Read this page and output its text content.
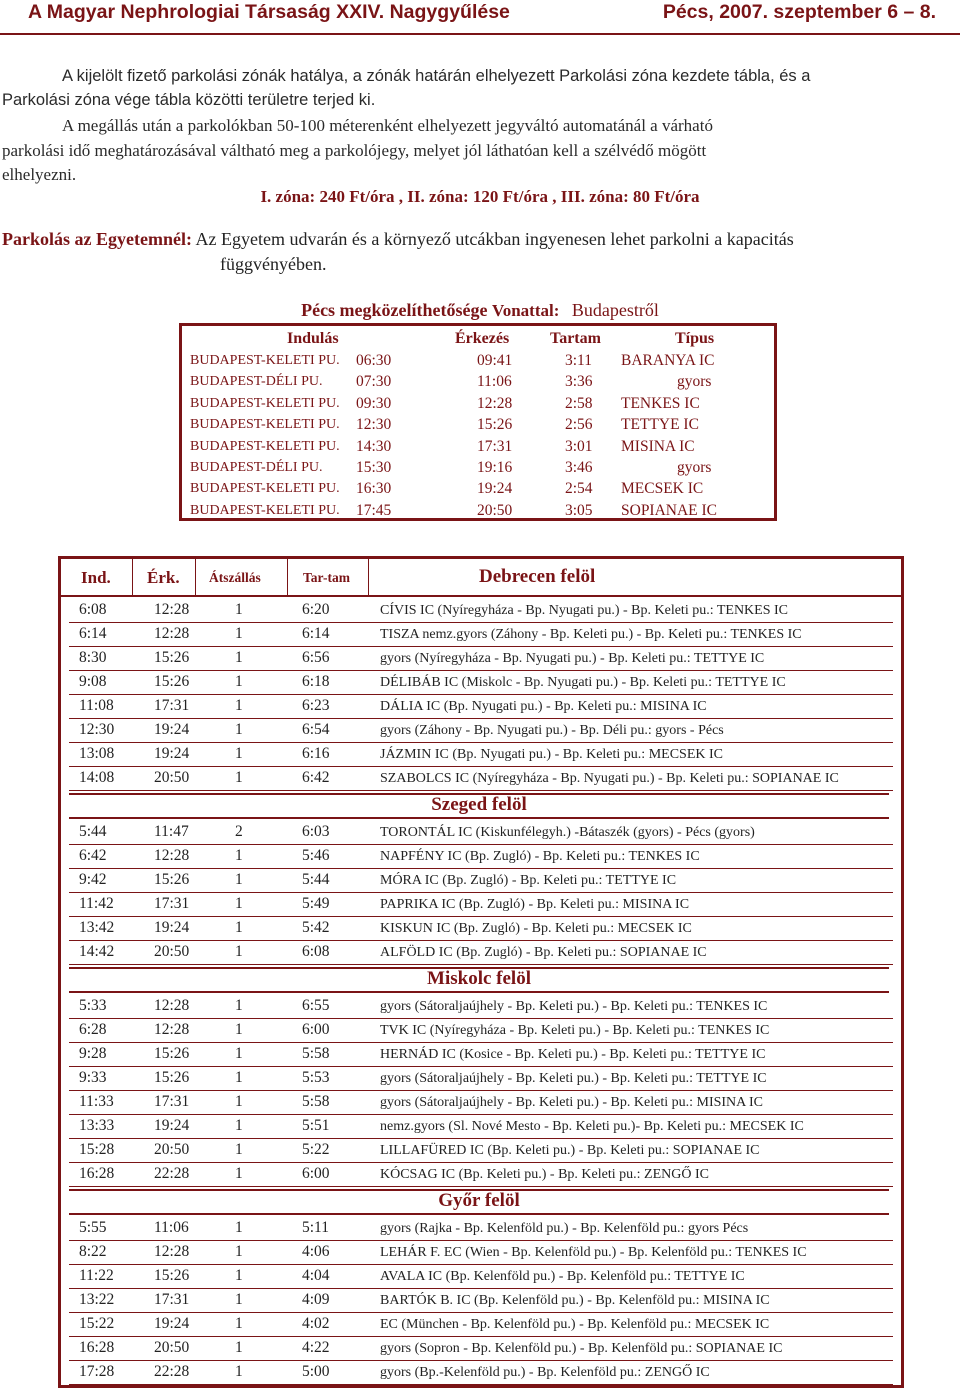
A Magyar Nephrologiai Társaság XXIV. Nagygyűlése	Pécs, 2007. szeptember 6 – 8.
A kijelölt fizető parkolási zónák hatálya, a zónák határán elhelyezett Parkolási zóna kezdete tábla, és a
Parkolási zóna vége tábla közötti területre terjed ki.
A megállás után a parkolókban 50-100 méterenként elhelyezett jegyváltó automatánál a várható
parkolási idő meghatározásával váltható meg a parkolójegy, melyet jól láthatóan kell a szélvédő mögött
elhelyezni.
I. zóna: 240 Ft/óra , II. zóna: 120 Ft/óra , III. zóna: 80 Ft/óra
Parkolás az Egyetemnél: Az Egyetem udvarán és a környező utcákban ingyenesen lehet parkolni a kapacitás
függvényében.
Pécs megközelíthetősége Vonattal: Budapestről
Indulás	Érkezés	Tartam	Típus
BUDAPEST-KELETI PU. 06:30	09:41	3:11 BARANYA IC
BUDAPEST-DÉLI PU. 07:30	11:06	3:36	gyors
BUDAPEST-KELETI PU. 09:30	12:28	2:58 TENKES IC
BUDAPEST-KELETI PU. 12:30	15:26	2:56 TETTYE IC
BUDAPEST-KELETI PU. 14:30	17:31	3:01 MISINA IC
BUDAPEST-DÉLI PU. 15:30	19:16	3:46	gyors
BUDAPEST-KELETI PU. 16:30	19:24	2:54 MECSEK IC
BUDAPEST-KELETI PU. 17:45	20:50	3:05 SOPIANAE IC
Ind. Érk. Átszállás	Tar-tam	Debrecen felöl
6:08	12:28	1	6:20	CÍVIS IC (Nyíregyháza - Bp. Nyugati pu.) - Bp. Keleti pu.: TENKES IC
6:14	12:28	1	6:14	TISZA nemz.gyors (Záhony - Bp. Keleti pu.) - Bp. Keleti pu.: TENKES IC
8:30	15:26	1	6:56	gyors (Nyíregyháza - Bp. Nyugati pu.) - Bp. Keleti pu.: TETTYE IC
9:08	15:26	1	6:18	DÉLIBÁB IC (Miskolc - Bp. Nyugati pu.) - Bp. Keleti pu.: TETTYE IC
11:08	17:31	1	6:23	DÁLIA IC (Bp. Nyugati pu.) - Bp. Keleti pu.: MISINA IC
12:30	19:24	1	6:54	gyors (Záhony - Bp. Nyugati pu.) - Bp. Déli pu.: gyors - Pécs
13:08	19:24	1	6:16	JÁZMIN IC (Bp. Nyugati pu.) - Bp. Keleti pu.: MECSEK IC
14:08	20:50	1	6:42	SZABOLCS IC (Nyíregyháza - Bp. Nyugati pu.) - Bp. Keleti pu.: SOPIANAE IC
Szeged felöl
5:44	11:47	2	6:03	TORONTÁL IC (Kiskunfélegyh.) -Bátaszék (gyors) - Pécs (gyors)
6:42	12:28	1	5:46	NAPFÉNY IC (Bp. Zugló) - Bp. Keleti pu.: TENKES IC
9:42	15:26	1	5:44	MÓRA IC (Bp. Zugló) - Bp. Keleti pu.: TETTYE IC
11:42	17:31	1	5:49	PAPRIKA IC (Bp. Zugló) - Bp. Keleti pu.: MISINA IC
13:42	19:24	1	5:42	KISKUN IC (Bp. Zugló) - Bp. Keleti pu.: MECSEK IC
14:42	20:50	1	6:08	ALFÖLD IC (Bp. Zugló) - Bp. Keleti pu.: SOPIANAE IC
Miskolc felöl
5:33	12:28	1	6:55	gyors (Sátoraljaújhely - Bp. Keleti pu.) - Bp. Keleti pu.: TENKES IC
6:28	12:28	1	6:00	TVK IC (Nyíregyháza - Bp. Keleti pu.) - Bp. Keleti pu.: TENKES IC
9:28	15:26	1	5:58	HERNÁD IC (Kosice - Bp. Keleti pu.) - Bp. Keleti pu.: TETTYE IC
9:33	15:26	1	5:53	gyors (Sátoraljaújhely - Bp. Keleti pu.) - Bp. Keleti pu.: TETTYE IC
11:33	17:31	1	5:58	gyors (Sátoraljaújhely - Bp. Keleti pu.) - Bp. Keleti pu.: MISINA IC
13:33	19:24	1	5:51	nemz.gyors (Sl. Nové Mesto - Bp. Keleti pu.)- Bp. Keleti pu.: MECSEK IC
15:28	20:50	1	5:22	LILLAFÜRED IC (Bp. Keleti pu.) - Bp. Keleti pu.: SOPIANAE IC
16:28	22:28	1	6:00	KÓCSAG IC (Bp. Keleti pu.) - Bp. Keleti pu.: ZENGŐ IC
Győr felöl
5:55	11:06	1	5:11	gyors (Rajka - Bp. Kelenföld pu.) - Bp. Kelenföld pu.: gyors Pécs
8:22	12:28	1	4:06	LEHÁR F. EC (Wien - Bp. Kelenföld pu.) - Bp. Kelenföld pu.: TENKES IC
11:22	15:26	1	4:04	AVALA IC (Bp. Kelenföld pu.) - Bp. Kelenföld pu.: TETTYE IC
13:22	17:31	1	4:09	BARTÓK B. IC (Bp. Kelenföld pu.) - Bp. Kelenföld pu.: MISINA IC
15:22	19:24	1	4:02	EC (München - Bp. Kelenföld pu.) - Bp. Kelenföld pu.: MECSEK IC
16:28	20:50	1	4:22	gyors (Sopron - Bp. Kelenföld pu.) - Bp. Kelenföld pu.: SOPIANAE IC
17:28	22:28	1	5:00	gyors (Bp.-Kelenföld pu.) - Bp. Kelenföld pu.: ZENGŐ IC
